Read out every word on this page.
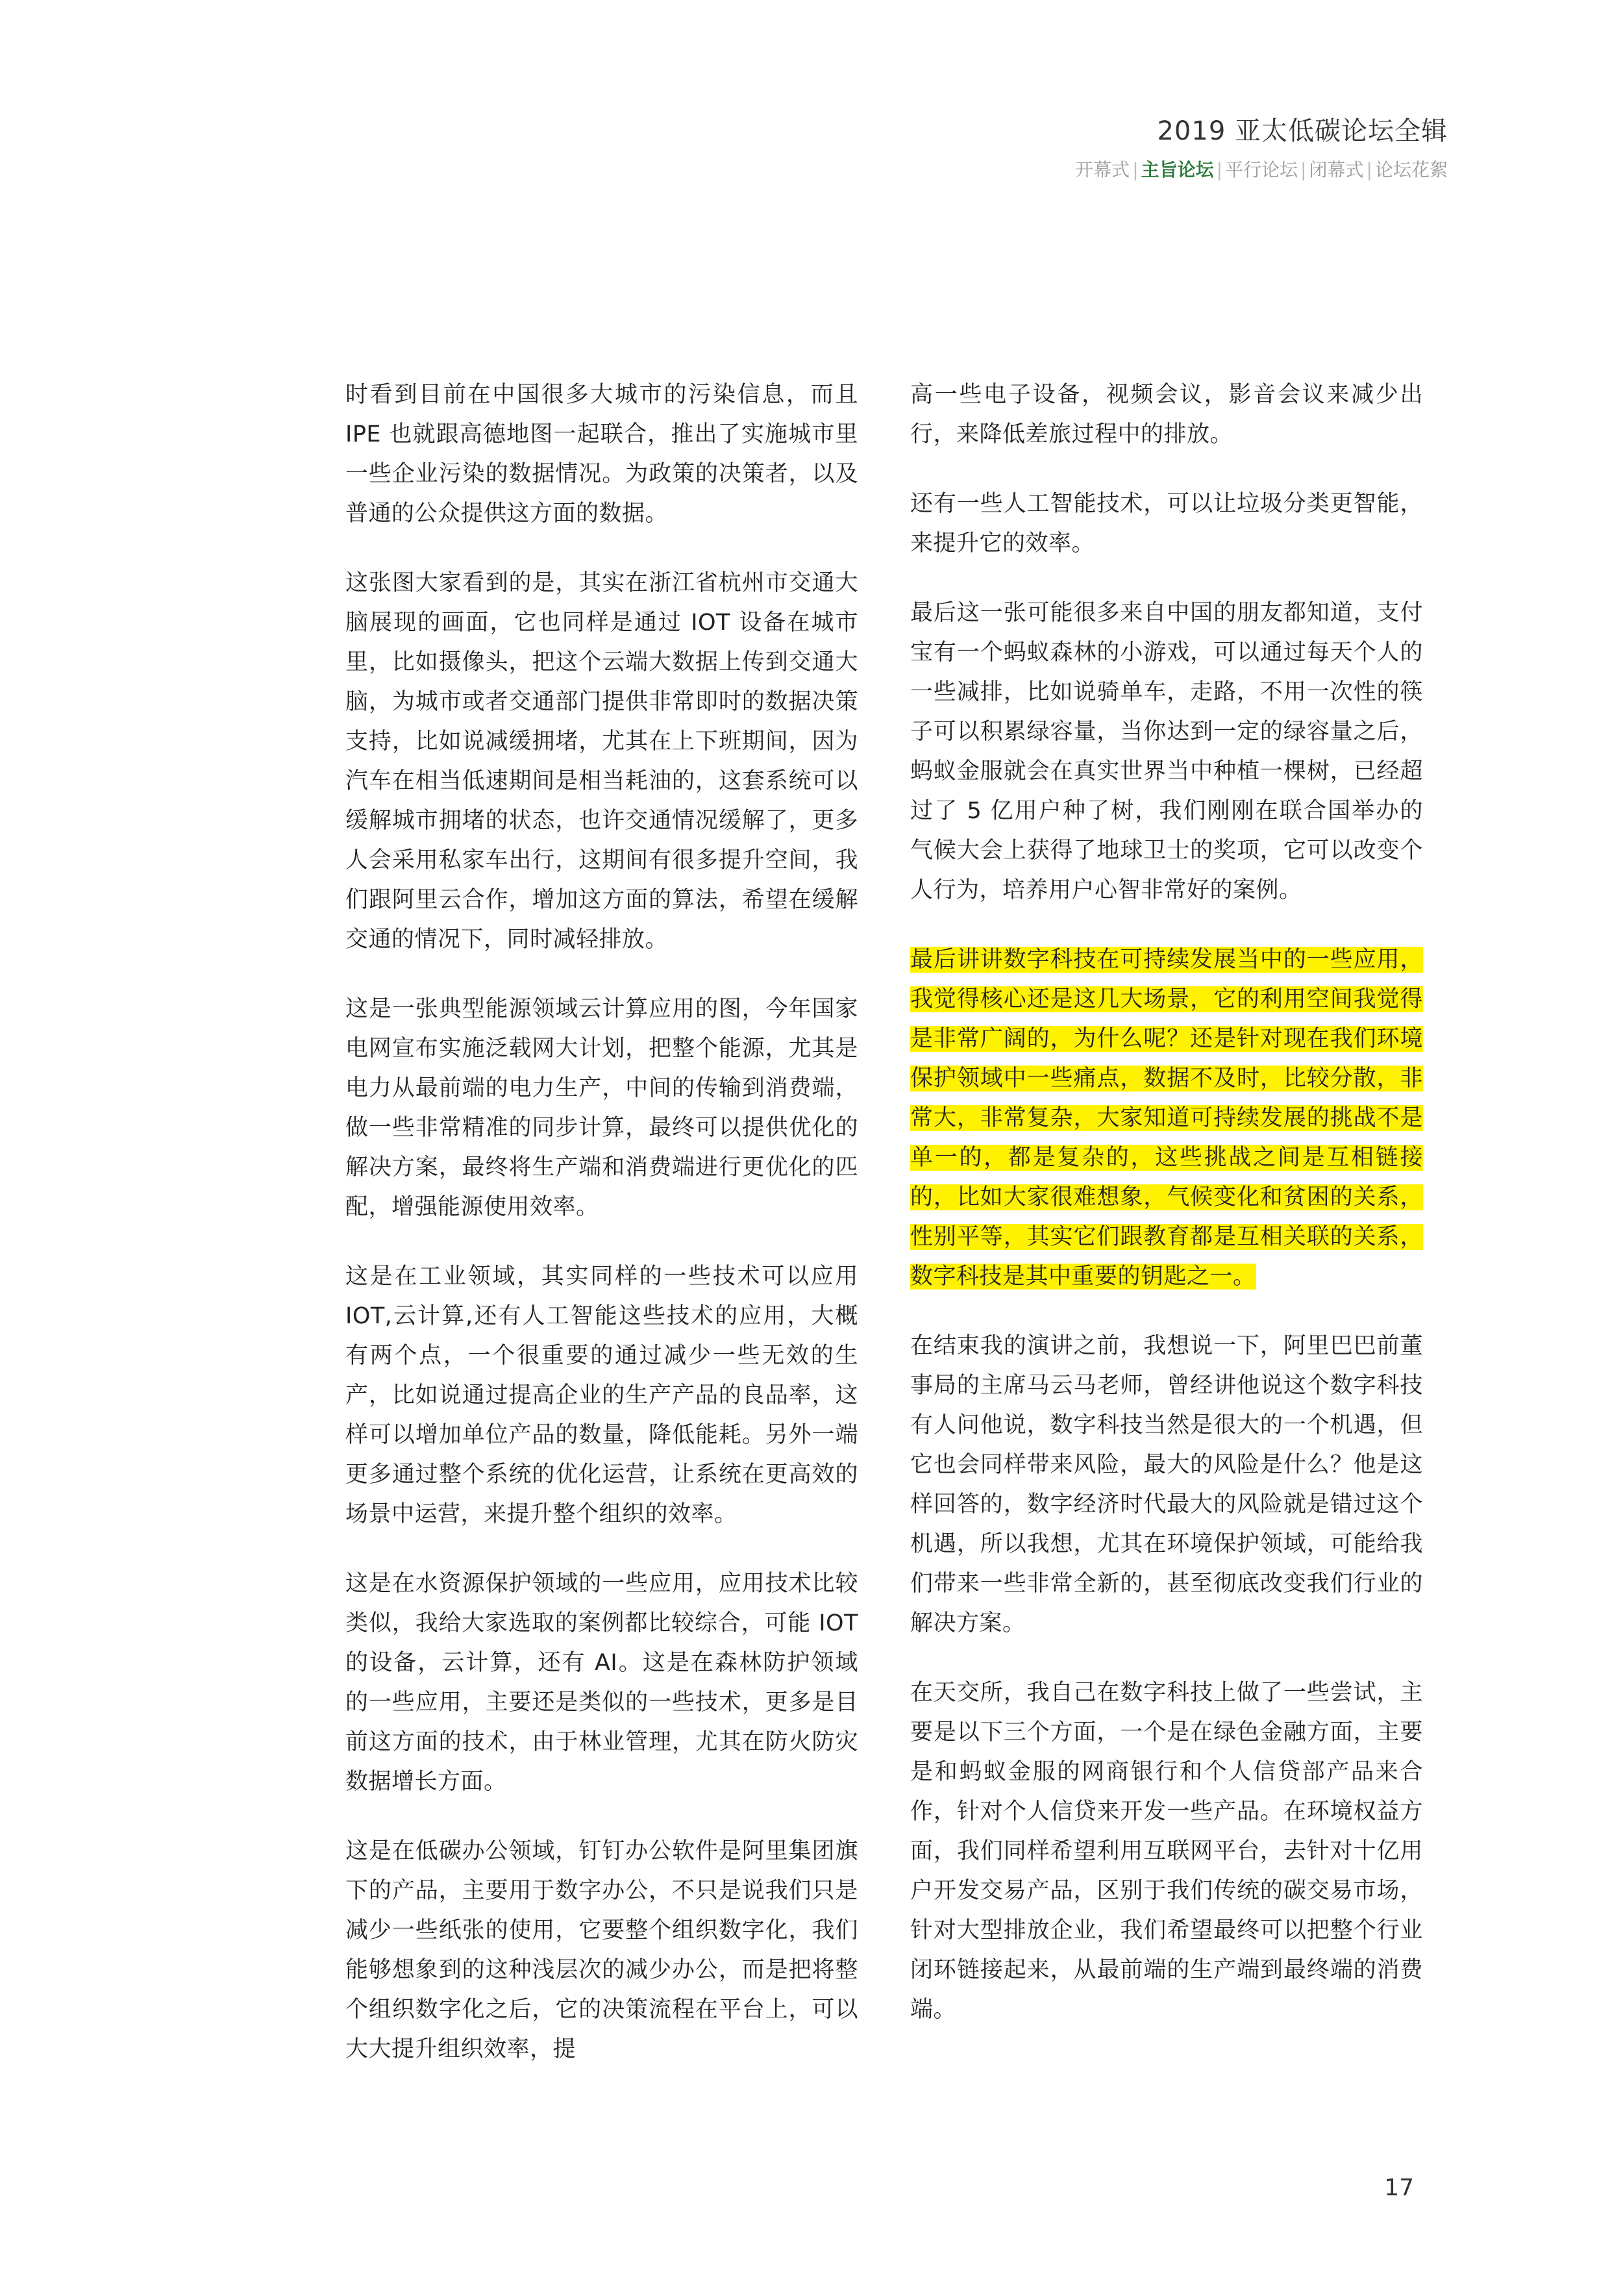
2019 亚太低碳论坛全辑
开幕式 | 主旨论坛 | 平行论坛 | 闭幕式 | 论坛花絮

时看到目前在中国很多大城市的污染信息，而且 IPE 也就跟高德地图一起联合，推出了实施城市里一些企业污染的数据情况。为政策的决策者，以及普通的公众提供这方面的数据。

这张图大家看到的是，其实在浙江省杭州市交通大脑展现的画面，它也同样是通过 IOT 设备在城市里，比如摄像头，把这个云端大数据上传到交通大脑，为城市或者交通部门提供非常即时的数据决策支持，比如说减缓拥堵，尤其在上下班期间，因为汽车在相当低速期间是相当耗油的，这套系统可以缓解城市拥堵的状态，也许交通情况缓解了，更多人会采用私家车出行，这期间有很多提升空间，我们跟阿里云合作，增加这方面的算法，希望在缓解交通的情况下，同时减轻排放。

这是一张典型能源领域云计算应用的图，今年国家电网宣布实施泛载网大计划，把整个能源，尤其是电力从最前端的电力生产，中间的传输到消费端，做一些非常精准的同步计算，最终可以提供优化的解决方案，最终将生产端和消费端进行更优化的匹配，增强能源使用效率。

这是在工业领域，其实同样的一些技术可以应用IOT,云计算,还有人工智能这些技术的应用，大概有两个点，一个很重要的通过减少一些无效的生产，比如说通过提高企业的生产产品的良品率，这样可以增加单位产品的数量，降低能耗。另外一端更多通过整个系统的优化运营，让系统在更高效的场景中运营，来提升整个组织的效率。

这是在水资源保护领域的一些应用，应用技术比较类似，我给大家选取的案例都比较综合，可能 IOT 的设备，云计算，还有 AI。这是在森林防护领域的一些应用，主要还是类似的一些技术，更多是目前这方面的技术，由于林业管理，尤其在防火防灾数据增长方面。

这是在低碳办公领域，钉钉办公软件是阿里集团旗下的产品，主要用于数字办公，不只是说我们只是减少一些纸张的使用，它要整个组织数字化，我们能够想象到的这种浅层次的减少办公，而是把将整个组织数字化之后，它的决策流程在平台上，可以大大提升组织效率，提

高一些电子设备，视频会议，影音会议来减少出行，来降低差旅过程中的排放。

还有一些人工智能技术，可以让垃圾分类更智能，来提升它的效率。

最后这一张可能很多来自中国的朋友都知道，支付宝有一个蚂蚁森林的小游戏，可以通过每天个人的一些减排，比如说骑单车，走路，不用一次性的筷子可以积累绿容量，当你达到一定的绿容量之后，蚂蚁金服就会在真实世界当中种植一棵树，已经超过了 5 亿用户种了树，我们刚刚在联合国举办的气候大会上获得了地球卫士的奖项，它可以改变个人行为，培养用户心智非常好的案例。

最后讲讲数字科技在可持续发展当中的一些应用，我觉得核心还是这几大场景，它的利用空间我觉得是非常广阔的，为什么呢？还是针对现在我们环境保护领域中一些痛点，数据不及时，比较分散，非常大，非常复杂，大家知道可持续发展的挑战不是单一的，都是复杂的，这些挑战之间是互相链接的，比如大家很难想象，气候变化和贫困的关系，性别平等，其实它们跟教育都是互相关联的关系，数字科技是其中重要的钥匙之一。

在结束我的演讲之前，我想说一下，阿里巴巴前董事局的主席马云马老师，曾经讲他说这个数字科技有人问他说，数字科技当然是很大的一个机遇，但它也会同样带来风险，最大的风险是什么？他是这样回答的，数字经济时代最大的风险就是错过这个机遇，所以我想，尤其在环境保护领域，可能给我们带来一些非常全新的，甚至彻底改变我们行业的解决方案。

在天交所，我自己在数字科技上做了一些尝试，主要是以下三个方面，一个是在绿色金融方面，主要是和蚂蚁金服的网商银行和个人信贷部产品来合作，针对个人信贷来开发一些产品。在环境权益方面，我们同样希望利用互联网平台，去针对十亿用户开发交易产品，区别于我们传统的碳交易市场，针对大型排放企业，我们希望最终可以把整个行业闭环链接起来，从最前端的生产端到最终端的消费端。

17
